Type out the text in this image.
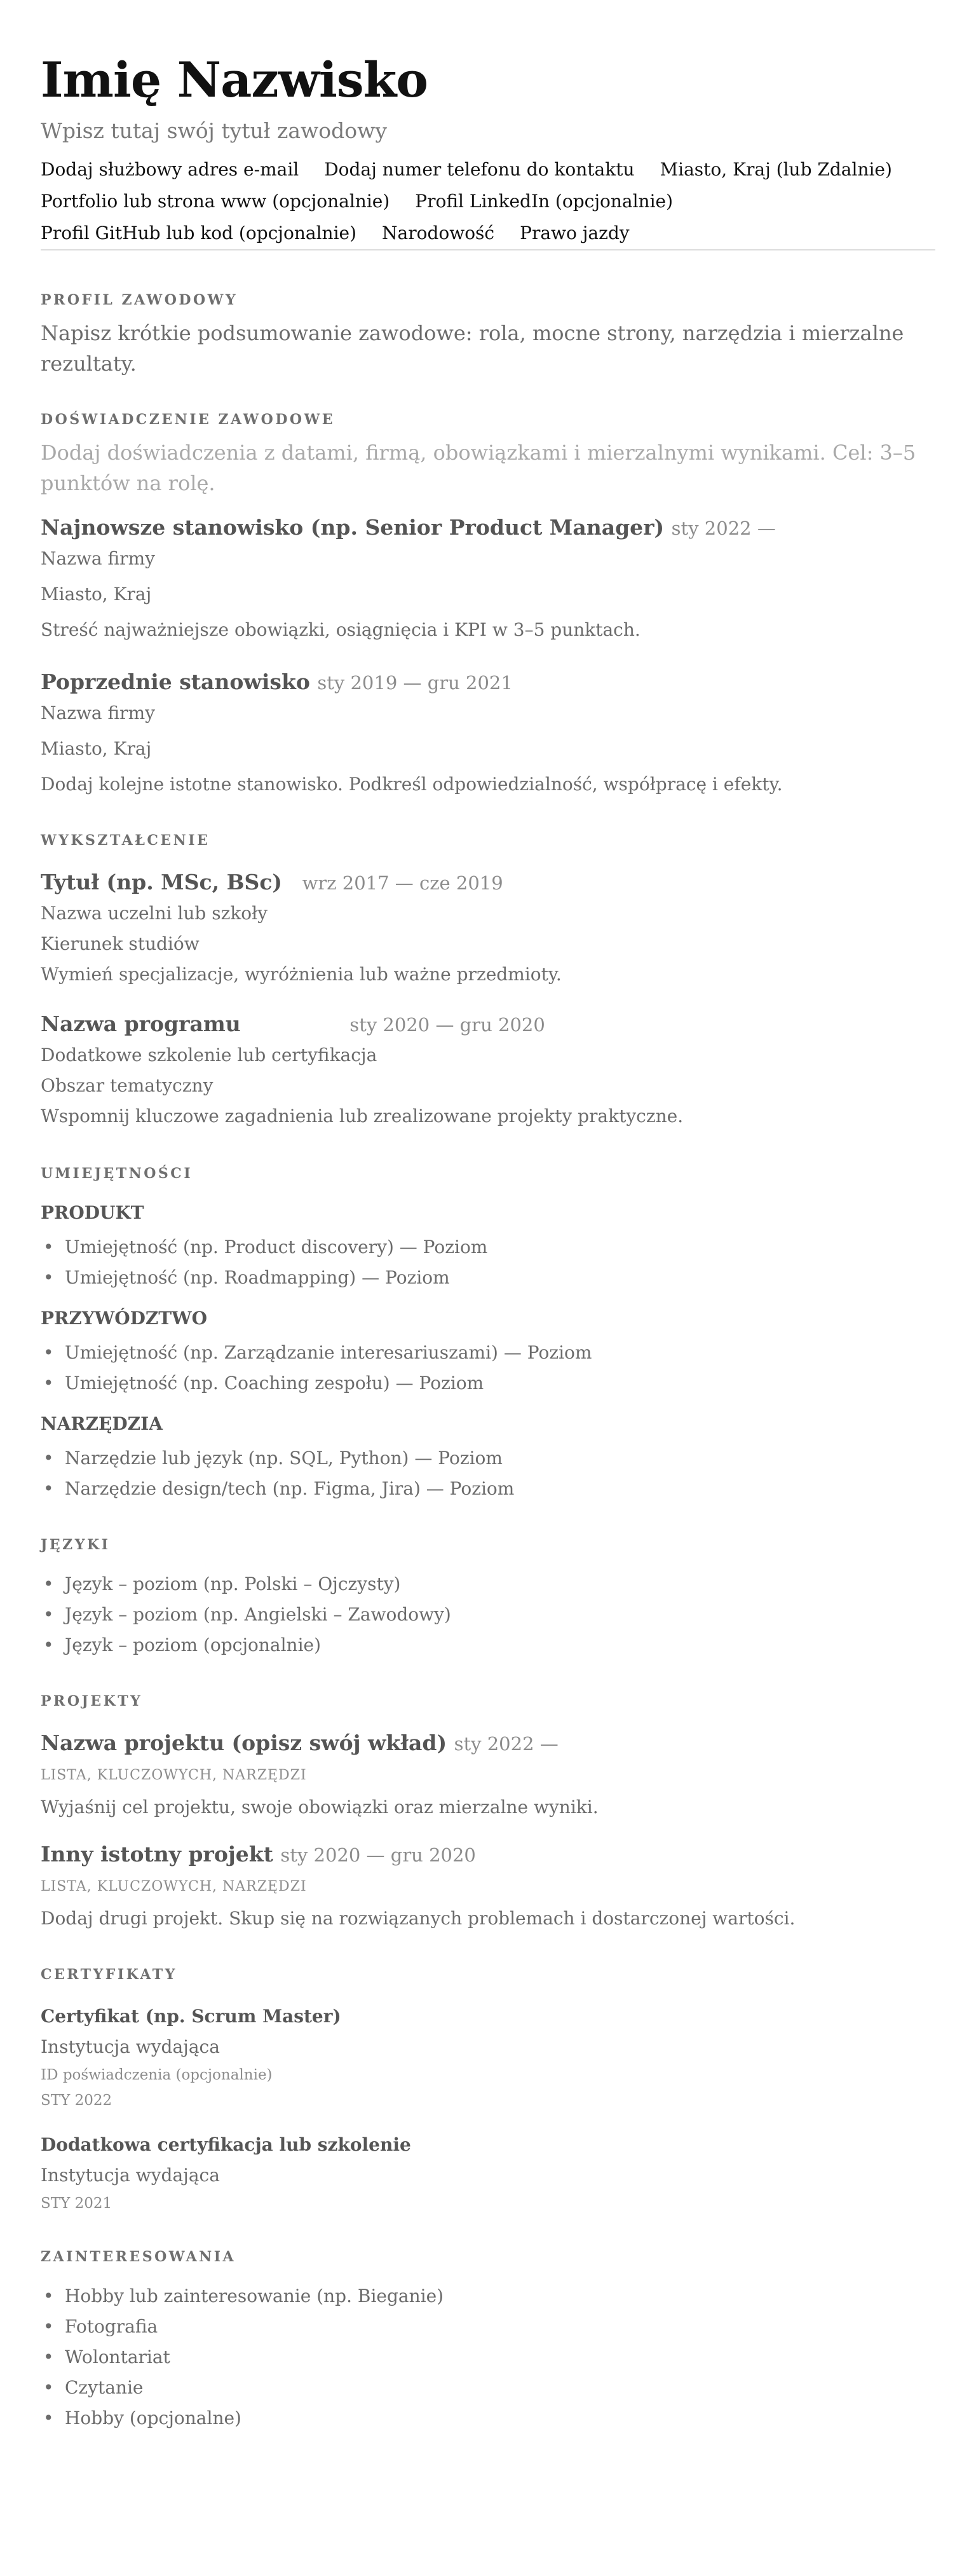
Imię Nazwisko
Wpisz tutaj swój tytuł zawodowy
Dodaj służbowy adres e-mail Dodaj numer telefonu do kontaktu Miasto, Kraj (lub Zdalnie)
Portfolio lub strona www (opcjonalnie) Profil LinkedIn (opcjonalnie)
Profil GitHub lub kod (opcjonalnie) Narodowość Prawo jazdy
PROFIL ZAWODOWY
Napisz krótkie podsumowanie zawodowe: rola, mocne strony, narzędzia i mierzalne rezultaty.
DOŚWIADCZENIE ZAWODOWE
Dodaj doświadczenia z datami, firmą, obowiązkami i mierzalnymi wynikami. Cel: 3–5 punktów na rolę.
Najnowsze stanowisko (np. Senior Product Manager) sty 2022 —
Nazwa firmy
Miasto, Kraj
Streść najważniejsze obowiązki, osiągnięcia i KPI w 3–5 punktach.
Poprzednie stanowisko sty 2019 — gru 2021
Nazwa firmy
Miasto, Kraj
Dodaj kolejne istotne stanowisko. Podkreśl odpowiedzialność, współpracę i efekty.
WYKSZTAŁCENIE
Tytuł (np. MSc, BSc) wrz 2017 — cze 2019
Nazwa uczelni lub szkoły
Kierunek studiów
Wymień specjalizacje, wyróżnienia lub ważne przedmioty.
Nazwa programu	sty 2020 — gru 2020
Dodatkowe szkolenie lub certyfikacja
Obszar tematyczny
Wspomnij kluczowe zagadnienia lub zrealizowane projekty praktyczne.
UMIEJĘTNOŚCI
PRODUKT
• Umiejętność (np. Product discovery) — Poziom
• Umiejętność (np. Roadmapping) — Poziom
PRZYWÓDZTWO
• Umiejętność (np. Zarządzanie interesariuszami) — Poziom
• Umiejętność (np. Coaching zespołu) — Poziom
NARZĘDZIA
• Narzędzie lub język (np. SQL, Python) — Poziom
• Narzędzie design/tech (np. Figma, Jira) — Poziom
JĘZYKI
• Język – poziom (np. Polski – Ojczysty)
• Język – poziom (np. Angielski – Zawodowy)
• Język – poziom (opcjonalnie)
PROJEKTY
Nazwa projektu (opisz swój wkład) sty 2022 —
LISTA, KLUCZOWYCH, NARZĘDZI
Wyjaśnij cel projektu, swoje obowiązki oraz mierzalne wyniki.
Inny istotny projekt sty 2020 — gru 2020
LISTA, KLUCZOWYCH, NARZĘDZI
Dodaj drugi projekt. Skup się na rozwiązanych problemach i dostarczonej wartości.
CERTYFIKATY
Certyfikat (np. Scrum Master)
Instytucja wydająca
ID poświadczenia (opcjonalnie)
STY 2022
Dodatkowa certyfikacja lub szkolenie
Instytucja wydająca
STY 2021
ZAINTERESOWANIA
• Hobby lub zainteresowanie (np. Bieganie)
• Fotografia
• Wolontariat
• Czytanie
• Hobby (opcjonalne)
